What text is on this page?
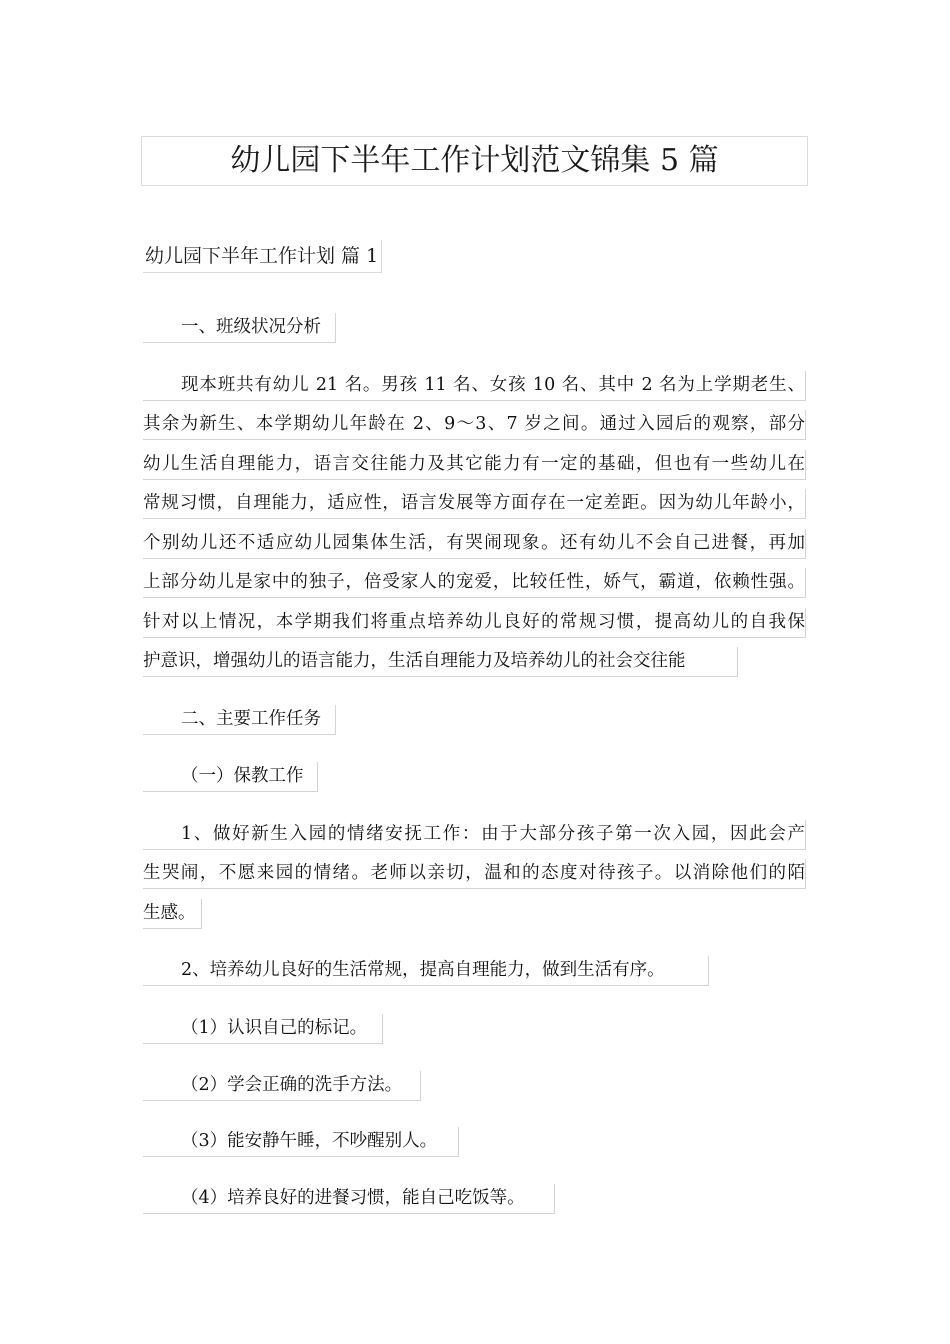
幼儿园下半年工作计划范文锦集 5 篇
幼儿园下半年工作计划 篇 1
一、班级状况分析
现本班共有幼儿 21 名。男孩 11 名、女孩 10 名、其中 2 名为上学期老生、
其余为新生、本学期幼儿年龄在 2、9～3、7 岁之间。通过入园后的观察，部分
幼儿生活自理能力，语言交往能力及其它能力有一定的基础，但也有一些幼儿在
常规习惯，自理能力，适应性，语言发展等方面存在一定差距。因为幼儿年龄小，
个别幼儿还不适应幼儿园集体生活，有哭闹现象。还有幼儿不会自己进餐，再加
上部分幼儿是家中的独子，倍受家人的宠爱，比较任性，娇气，霸道，依赖性强。
针对以上情况，本学期我们将重点培养幼儿良好的常规习惯，提高幼儿的自我保
护意识，增强幼儿的语言能力，生活自理能力及培养幼儿的社会交往能
二、主要工作任务
（一）保教工作
1、做好新生入园的情绪安抚工作：由于大部分孩子第一次入园，因此会产
生哭闹，不愿来园的情绪。老师以亲切，温和的态度对待孩子。以消除他们的陌
生感。
2、培养幼儿良好的生活常规，提高自理能力，做到生活有序。
（1）认识自己的标记。
（2）学会正确的洗手方法。
（3）能安静午睡，不吵醒别人。
（4）培养良好的进餐习惯，能自己吃饭等。
